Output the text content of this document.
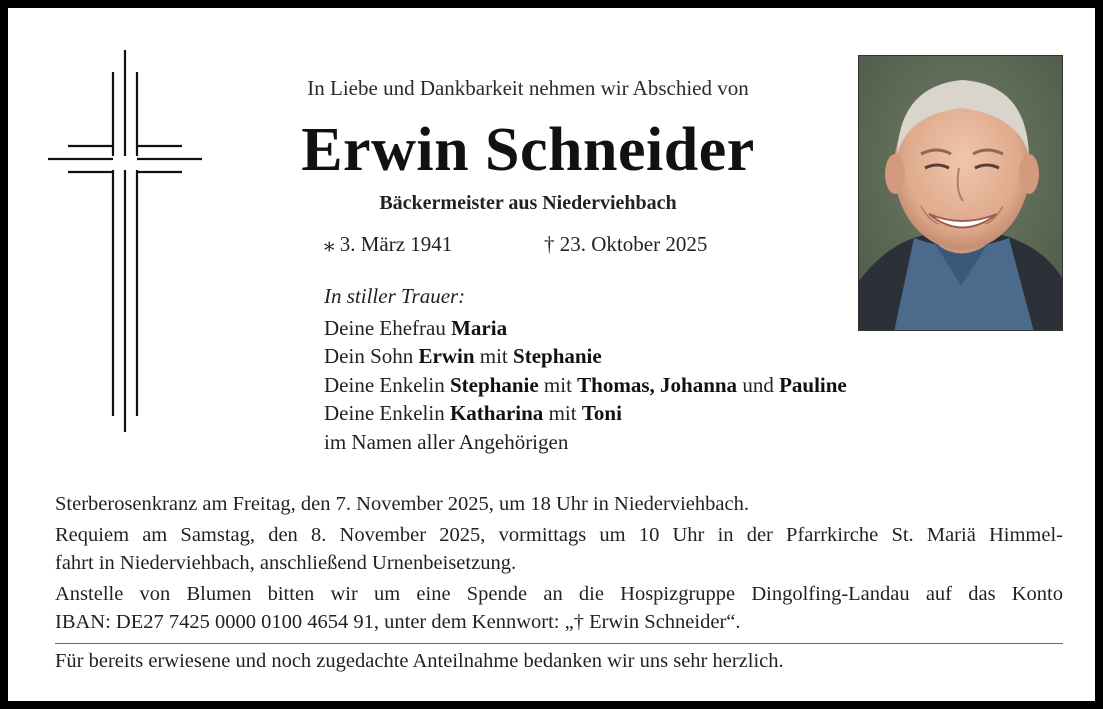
In Liebe und Dankbarkeit nehmen wir Abschied von
Erwin Schneider
Bäckermeister aus Niederviehbach
⁎ 3. März 1941	† 23. Oktober 2025
In stiller Trauer:
Deine Ehefrau Maria
Dein Sohn Erwin mit Stephanie
Deine Enkelin Stephanie mit Thomas, Johanna und Pauline
Deine Enkelin Katharina mit Toni
im Namen aller Angehörigen

Sterberosenkranz am Freitag, den 7. November 2025, um 18 Uhr in Niederviehbach.

Requiem am Samstag, den 8. November 2025, vormittags um 10 Uhr in der Pfarrkirche St. Mariä Himmel-
fahrt in Niederviehbach, anschließend Urnenbeisetzung.

Anstelle von Blumen bitten wir um eine Spende an die Hospizgruppe Dingolfing-Landau auf das Konto
IBAN: DE27 7425 0000 0100 4654 91, unter dem Kennwort: „† Erwin Schneider“.

Für bereits erwiesene und noch zugedachte Anteilnahme bedanken wir uns sehr herzlich.
